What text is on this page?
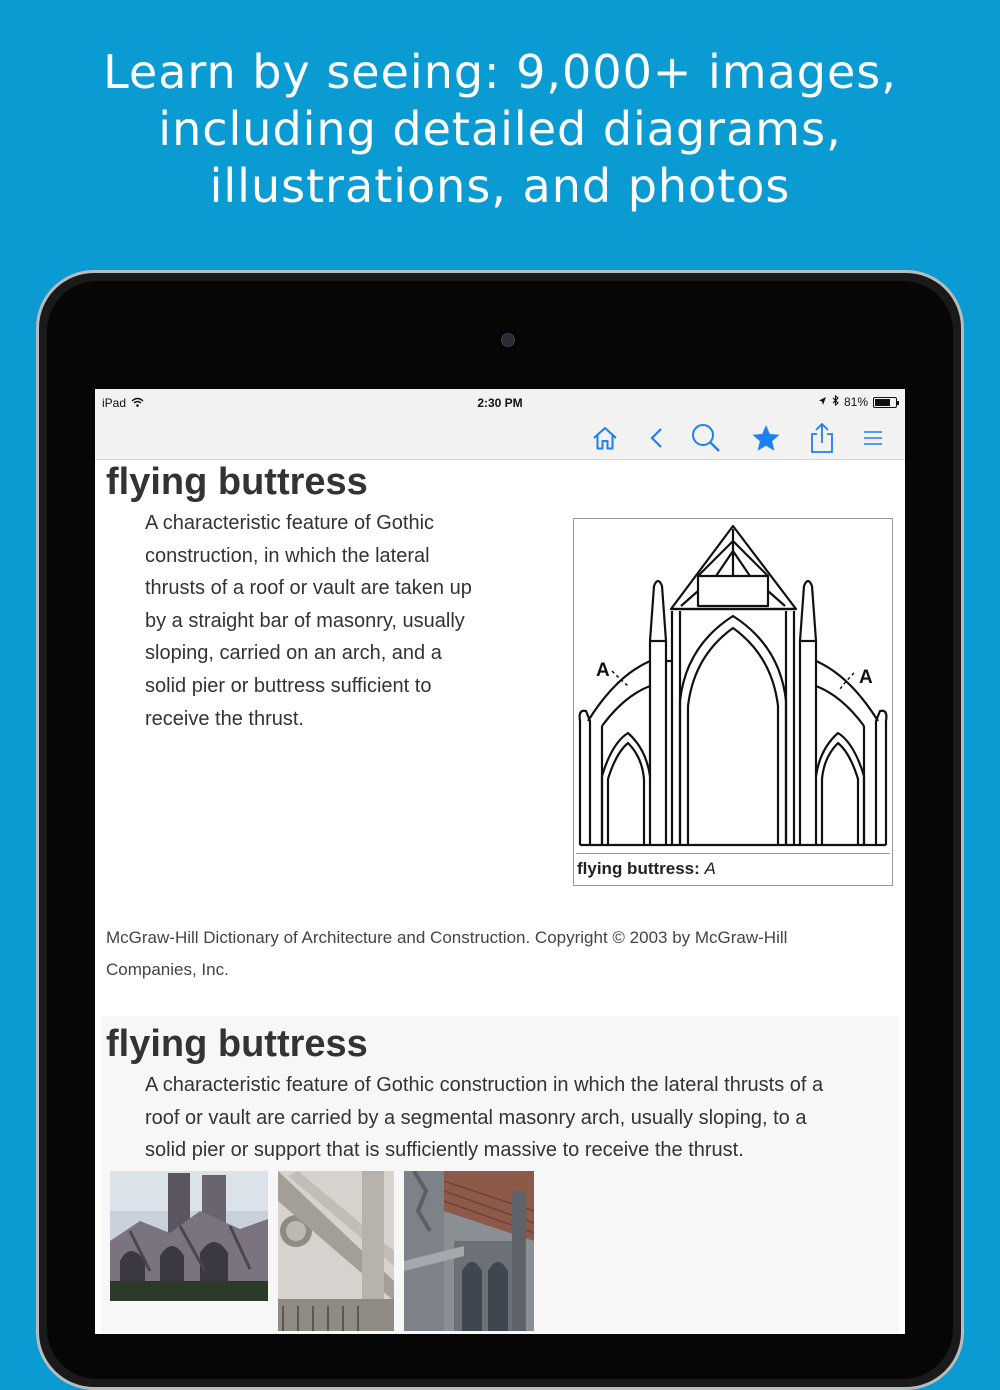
Learn by seeing: 9,000+ images,
including detailed diagrams,
illustrations, and photos
iPad	2:30 PM	81%
flying buttress
A characteristic feature of Gothic
construction, in which the lateral
thrusts of a roof or vault are taken up
by a straight bar of masonry, usually
sloping, carried on an arch, and a
solid pier or buttress sufficient to
receive the thrust.
A	A
flying buttress: A
McGraw-Hill Dictionary of Architecture and Construction. Copyright © 2003 by McGraw-Hill
Companies, Inc.
flying buttress
A characteristic feature of Gothic construction in which the lateral thrusts of a
roof or vault are carried by a segmental masonry arch, usually sloping, to a
solid pier or support that is sufficiently massive to receive the thrust.
